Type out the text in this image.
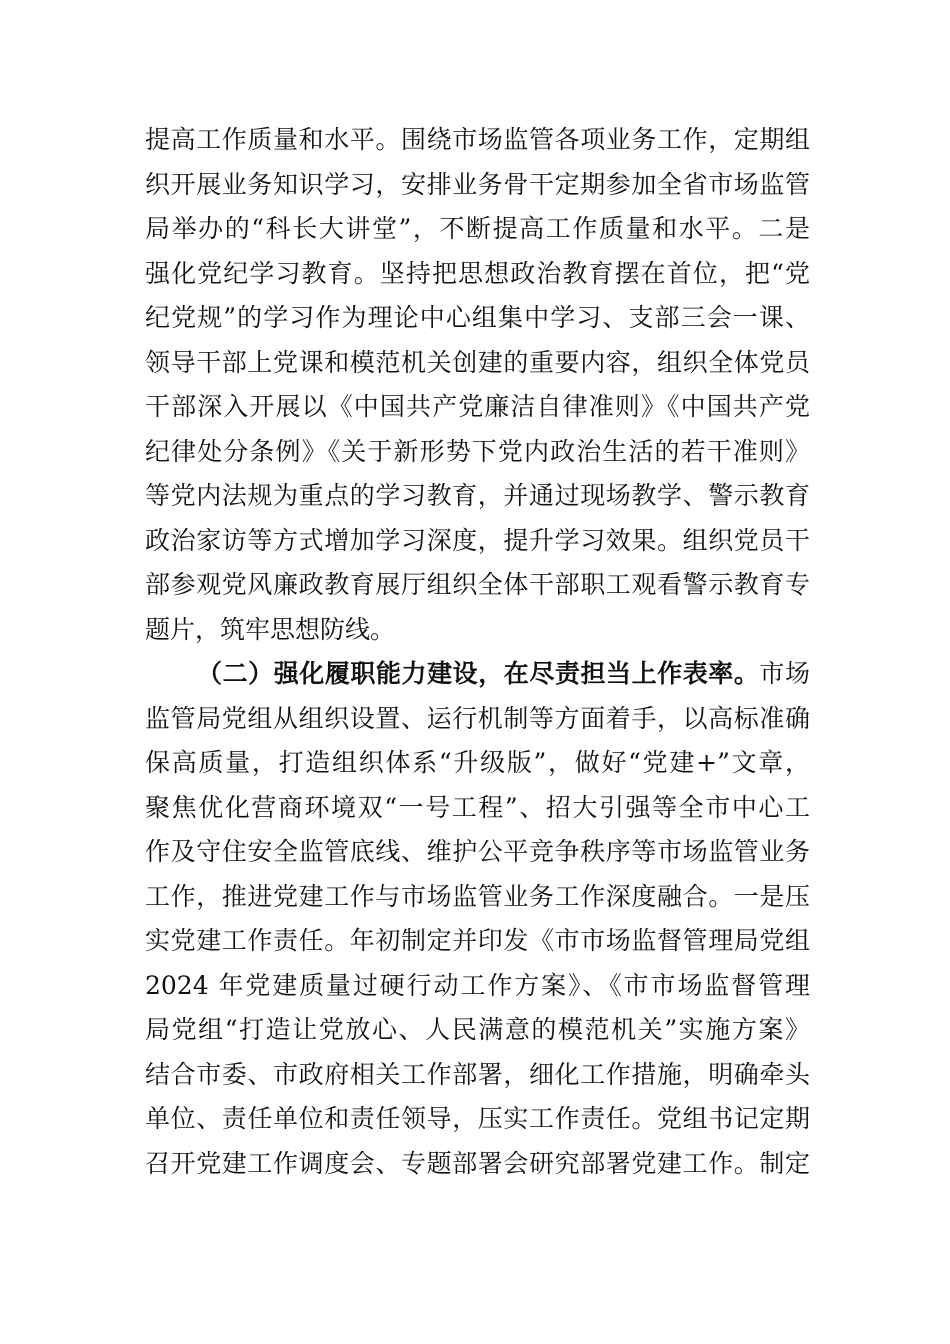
提高工作质量和水平。围绕市场监管各项业务工作，定期组
织开展业务知识学习，安排业务骨干定期参加全省市场监管
局举办的“科长大讲堂”，不断提高工作质量和水平。二是
强化党纪学习教育。坚持把思想政治教育摆在首位，把“党
纪党规”的学习作为理论中心组集中学习、支部三会一课、
领导干部上党课和模范机关创建的重要内容，组织全体党员
干部深入开展以《中国共产党廉洁自律准则》《中国共产党
纪律处分条例》《关于新形势下党内政治生活的若干准则》
等党内法规为重点的学习教育，并通过现场教学、警示教育
政治家访等方式增加学习深度，提升学习效果。组织党员干
部参观党风廉政教育展厅组织全体干部职工观看警示教育专
题片，筑牢思想防线。
（二）强化履职能力建设，在尽责担当上作表率。市场
监管局党组从组织设置、运行机制等方面着手，以高标准确
保高质量，打造组织体系“升级版”，做好“党建+”文章，
聚焦优化营商环境双“一号工程”、招大引强等全市中心工
作及守住安全监管底线、维护公平竞争秩序等市场监管业务
工作，推进党建工作与市场监管业务工作深度融合。一是压
实党建工作责任。年初制定并印发《市市场监督管理局党组
2024 年党建质量过硬行动工作方案》、《市市场监督管理
局党组“打造让党放心、人民满意的模范机关”实施方案》
结合市委、市政府相关工作部署，细化工作措施，明确牵头
单位、责任单位和责任领导，压实工作责任。党组书记定期
召开党建工作调度会、专题部署会研究部署党建工作。制定
